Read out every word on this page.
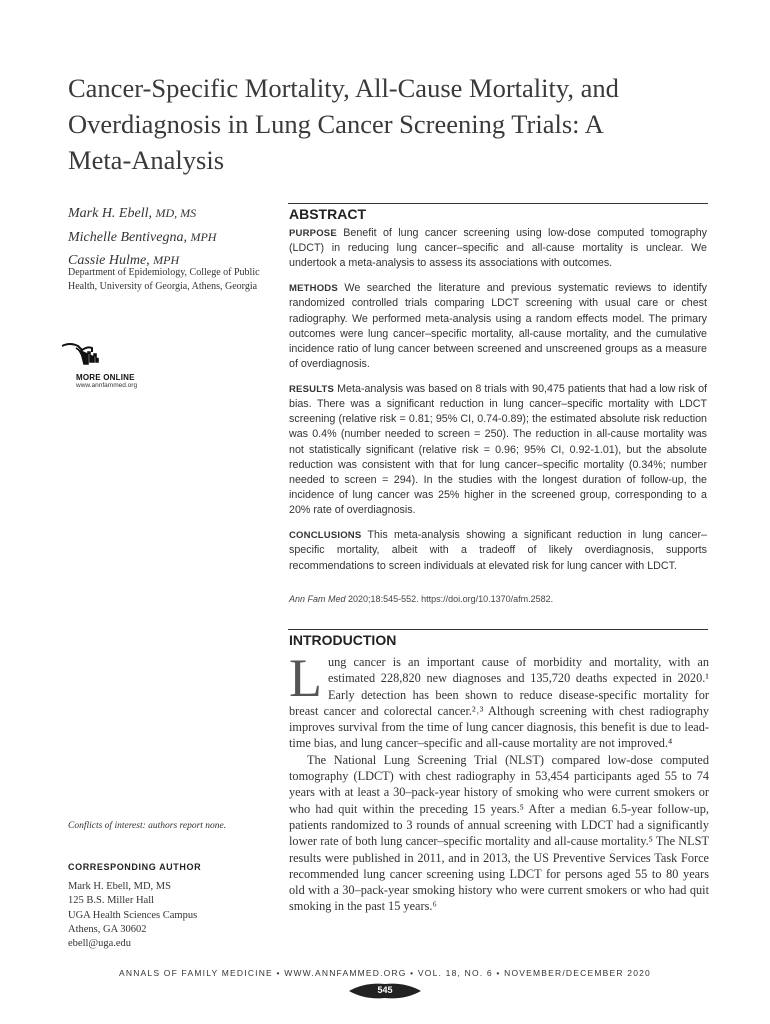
Cancer-Specific Mortality, All-Cause Mortality, and Overdiagnosis in Lung Cancer Screening Trials: A Meta-Analysis
Mark H. Ebell, MD, MS
Michelle Bentivegna, MPH
Cassie Hulme, MPH
Department of Epidemiology, College of Public Health, University of Georgia, Athens, Georgia
MORE ONLINE
www.annfammed.org
Conflicts of interest: authors report none.
CORRESPONDING AUTHOR
Mark H. Ebell, MD, MS
125 B.S. Miller Hall
UGA Health Sciences Campus
Athens, GA 30602
ebell@uga.edu
ABSTRACT

PURPOSE Benefit of lung cancer screening using low-dose computed tomography (LDCT) in reducing lung cancer–specific and all-cause mortality is unclear. We undertook a meta-analysis to assess its associations with outcomes.

METHODS We searched the literature and previous systematic reviews to identify randomized controlled trials comparing LDCT screening with usual care or chest radiography. We performed meta-analysis using a random effects model. The primary outcomes were lung cancer–specific mortality, all-cause mortality, and the cumulative incidence ratio of lung cancer between screened and unscreened groups as a measure of overdiagnosis.

RESULTS Meta-analysis was based on 8 trials with 90,475 patients that had a low risk of bias. There was a significant reduction in lung cancer–specific mortality with LDCT screening (relative risk = 0.81; 95% CI, 0.74-0.89); the estimated absolute risk reduction was 0.4% (number needed to screen = 250). The reduction in all-cause mortality was not statistically significant (relative risk = 0.96; 95% CI, 0.92-1.01), but the absolute reduction was consistent with that for lung cancer–specific mortality (0.34%; number needed to screen = 294). In the studies with the longest duration of follow-up, the incidence of lung cancer was 25% higher in the screened group, corresponding to a 20% rate of overdiagnosis.

CONCLUSIONS This meta-analysis showing a significant reduction in lung cancer–specific mortality, albeit with a tradeoff of likely overdiagnosis, supports recommendations to screen individuals at elevated risk for lung cancer with LDCT.

Ann Fam Med 2020;18:545-552. https://doi.org/10.1370/afm.2582.
INTRODUCTION

Lung cancer is an important cause of morbidity and mortality, with an estimated 228,820 new diagnoses and 135,720 deaths expected in 2020.¹ Early detection has been shown to reduce disease-specific mortality for breast cancer and colorectal cancer.²˒³ Although screening with chest radiography improves survival from the time of lung cancer diagnosis, this benefit is due to lead-time bias, and lung cancer–specific and all-cause mortality are not improved.⁴

The National Lung Screening Trial (NLST) compared low-dose computed tomography (LDCT) with chest radiography in 53,454 participants aged 55 to 74 years with at least a 30–pack-year history of smoking who were current smokers or who had quit within the preceding 15 years.⁵ After a median 6.5-year follow-up, patients randomized to 3 rounds of annual screening with LDCT had a significantly lower rate of both lung cancer–specific mortality and all-cause mortality.⁵ The NLST results were published in 2011, and in 2013, the US Preventive Services Task Force recommended lung cancer screening using LDCT for persons aged 55 to 80 years old with a 30–pack-year smoking history who were current smokers or who had quit smoking in the past 15 years.⁶

ANNALS OF FAMILY MEDICINE • WWW.ANNFAMMED.ORG • VOL. 18, NO. 6 • NOVEMBER/DECEMBER 2020
545
